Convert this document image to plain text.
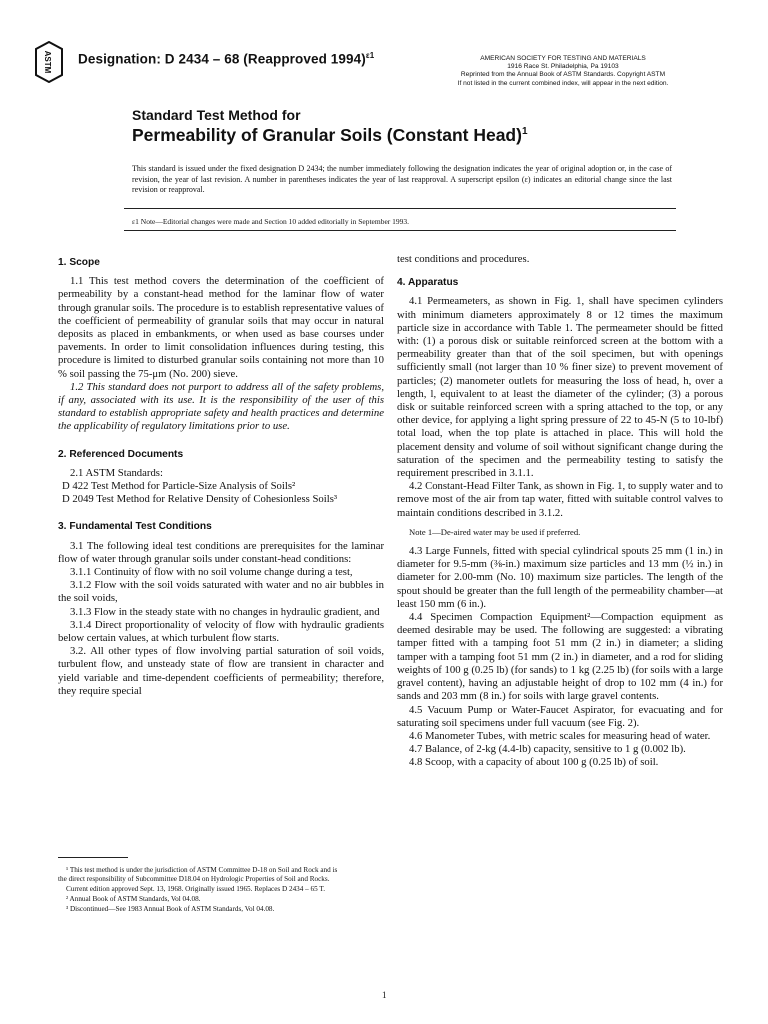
ASTM Designation: D 2434 – 68 (Reapproved 1994)$^{\varepsilon 1}$	AMERICAN SOCIETY FOR TESTING AND MATERIALS
1916 Race St. Philadelphia, Pa 19103
Reprinted from the Annual Book of ASTM Standards. Copyright ASTM
If not listed in the current combined index, will appear in the next edition.
Standard Test Method for
Permeability of Granular Soils (Constant Head)$^1$
This standard is issued under the fixed designation D 2434; the number immediately following the designation indicates the year of original adoption or, in the case of revision, the year of last revision. A number in parentheses indicates the year of last reapproval. A superscript epsilon (ε) indicates an editorial change since the last revision or reapproval.
ε1 Note—Editorial changes were made and Section 10 added editorially in September 1993.
1. Scope

1.1 This test method covers the determination of the coefficient of permeability by a constant-head method for the laminar flow of water through granular soils. The procedure is to establish representative values of the coefficient of permeability of granular soils that may occur in natural deposits as placed in embankments, or when used as base courses under pavements. In order to limit consolidation influences during testing, this procedure is limited to disturbed granular soils containing not more than 10 % soil passing the 75-μm (No. 200) sieve.

1.2 This standard does not purport to address all of the safety problems, if any, associated with its use. It is the responsibility of the user of this standard to establish appropriate safety and health practices and determine the applicability of regulatory limitations prior to use.

2. Referenced Documents

2.1 ASTM Standards:

D 422 Test Method for Particle-Size Analysis of Soils²

D 2049 Test Method for Relative Density of Cohesionless Soils³

3. Fundamental Test Conditions

3.1 The following ideal test conditions are prerequisites for the laminar flow of water through granular soils under constant-head conditions:

3.1.1 Continuity of flow with no soil volume change during a test,

3.1.2 Flow with the soil voids saturated with water and no air bubbles in the soil voids,

3.1.3 Flow in the steady state with no changes in hydraulic gradient, and

3.1.4 Direct proportionality of velocity of flow with hydraulic gradients below certain values, at which turbulent flow starts.

3.2. All other types of flow involving partial saturation of soil voids, turbulent flow, and unsteady state of flow are transient in character and yield variable and time-dependent coefficients of permeability; therefore, they require special

test conditions and procedures.

4. Apparatus

4.1 Permeameters, as shown in Fig. 1, shall have specimen cylinders with minimum diameters approximately 8 or 12 times the maximum particle size in accordance with Table 1. The permeameter should be fitted with: (1) a porous disk or suitable reinforced screen at the bottom with a permeability greater than that of the soil specimen, but with openings sufficiently small (not larger than 10 % finer size) to prevent movement of particles; (2) manometer outlets for measuring the loss of head, h, over a length, l, equivalent to at least the diameter of the cylinder; (3) a porous disk or suitable reinforced screen with a spring attached to the top, or any other device, for applying a light spring pressure of 22 to 45-N (5 to 10-lbf) total load, when the top plate is attached in place. This will hold the placement density and volume of soil without significant change during the saturation of the specimen and the permeability testing to satisfy the requirement prescribed in 3.1.1.

4.2 Constant-Head Filter Tank, as shown in Fig. 1, to supply water and to remove most of the air from tap water, fitted with suitable control valves to maintain conditions described in 3.1.2.

Note 1—De-aired water may be used if preferred.

4.3 Large Funnels, fitted with special cylindrical spouts 25 mm (1 in.) in diameter for 9.5-mm (⅜-in.) maximum size particles and 13 mm (½ in.) in diameter for 2.00-mm (No. 10) maximum size particles. The length of the spout should be greater than the full length of the permeability chamber—at least 150 mm (6 in.).

4.4 Specimen Compaction Equipment²—Compaction equipment as deemed desirable may be used. The following are suggested: a vibrating tamper fitted with a tamping foot 51 mm (2 in.) in diameter; a sliding tamper with a tamping foot 51 mm (2 in.) in diameter, and a rod for sliding weights of 100 g (0.25 lb) (for sands) to 1 kg (2.25 lb) (for soils with a large gravel content), having an adjustable height of drop to 102 mm (4 in.) for sands and 203 mm (8 in.) for soils with large gravel contents.

4.5 Vacuum Pump or Water-Faucet Aspirator, for evacuating and for saturating soil specimens under full vacuum (see Fig. 2).

4.6 Manometer Tubes, with metric scales for measuring head of water.

4.7 Balance, of 2-kg (4.4-lb) capacity, sensitive to 1 g (0.002 lb).

4.8 Scoop, with a capacity of about 100 g (0.25 lb) of soil.

¹ This test method is under the jurisdiction of ASTM Committee D-18 on Soil and Rock and is the direct responsibility of Subcommittee D18.04 on Hydrologic Properties of Soil and Rocks.

Current edition approved Sept. 13, 1968. Originally issued 1965. Replaces D 2434 – 65 T.

² Annual Book of ASTM Standards, Vol 04.08.

³ Discontinued—See 1983 Annual Book of ASTM Standards, Vol 04.08.

1
